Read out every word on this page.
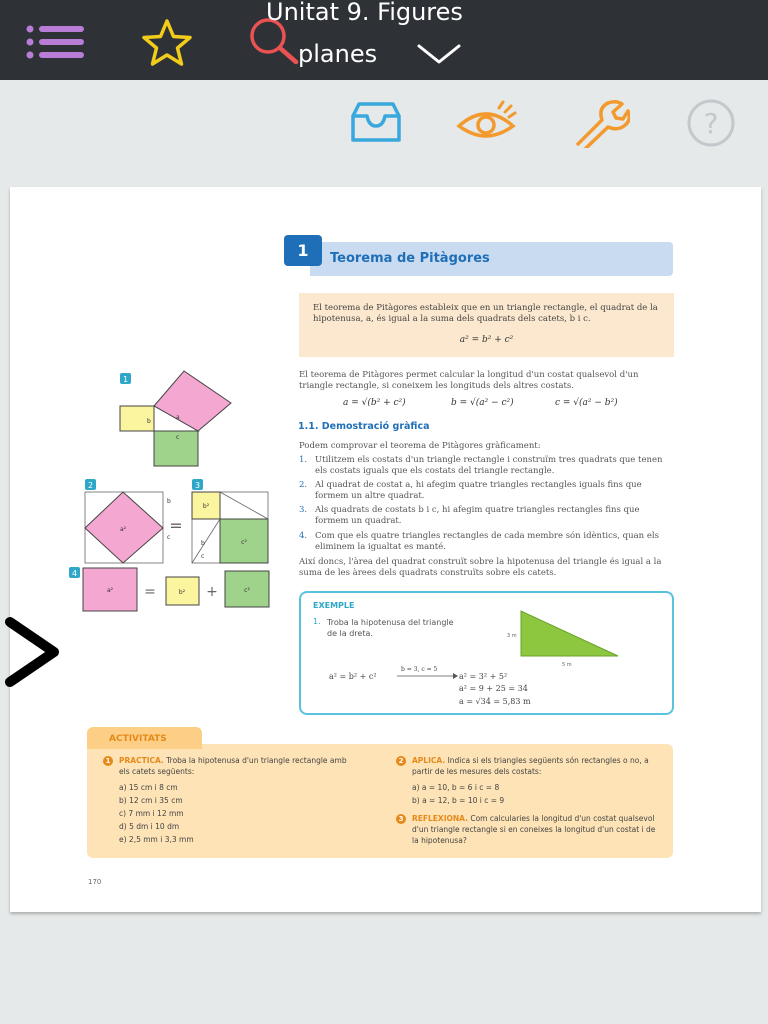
Unitat 9. Figures
planes
?
1
b
c
a
2
a²	=
b²
c²
b
c
3
b
c
4
a² =	b² +	c²
1	Teorema de Pitàgores
El teorema de Pitàgores estableix que en un triangle rectangle, el quadrat de la hipotenusa, a, és igual a la suma dels quadrats dels catets, b i c.
a² = b² + c²
El teorema de Pitàgores permet calcular la longitud d'un costat qualsevol d'un triangle rectangle, si coneixem les longituds dels altres costats.
a = √(b² + c²)	b = √(a² − c²)	c = √(a² − b²)
1.1. Demostració gràfica
Podem comprovar el teorema de Pitàgores gràficament:
1. Utilitzem els costats d'un triangle rectangle i construïm tres quadrats que tenen els costats iguals que els costats del triangle rectangle.
2. Al quadrat de costat a, hi afegim quatre triangles rectangles iguals fins que formem un altre quadrat.
3. Als quadrats de costats b i c, hi afegim quatre triangles rectangles fins que formem un quadrat.
4. Com que els quatre triangles rectangles de cada membre són idèntics, quan els eliminem la igualtat es manté.
Així doncs, l'àrea del quadrat construït sobre la hipotenusa del triangle és igual a la suma de les àrees dels quadrats construïts sobre els catets.
EXEMPLE
1. Troba la hipotenusa del triangle de la dreta.	3 m
5 m
a² = b² + c²
b = 3, c = 5
a² = 3² + 5²
a² = 9 + 25 = 34
a = √34 = 5,83 m
1	PRACTICA. Troba la hipotenusa d'un triangle rectangle amb els catets següents:
a) 15 cm i 8 cm
b) 12 cm i 35 cm
c) 7 mm i 12 mm
d) 5 dm i 10 dm
e) 2,5 mm i 3,3 mm
2	APLICA. Indica si els triangles següents són rectangles o no, a partir de les mesures dels costats:
a) a = 10, b = 6 i c = 8
b) a = 12, b = 10 i c = 9
3	REFLEXIONA. Com calcularies la longitud d'un costat qualsevol d'un triangle rectangle si en coneixes la longitud d'un costat i de la hipotenusa?
ACTIVITATS
170
